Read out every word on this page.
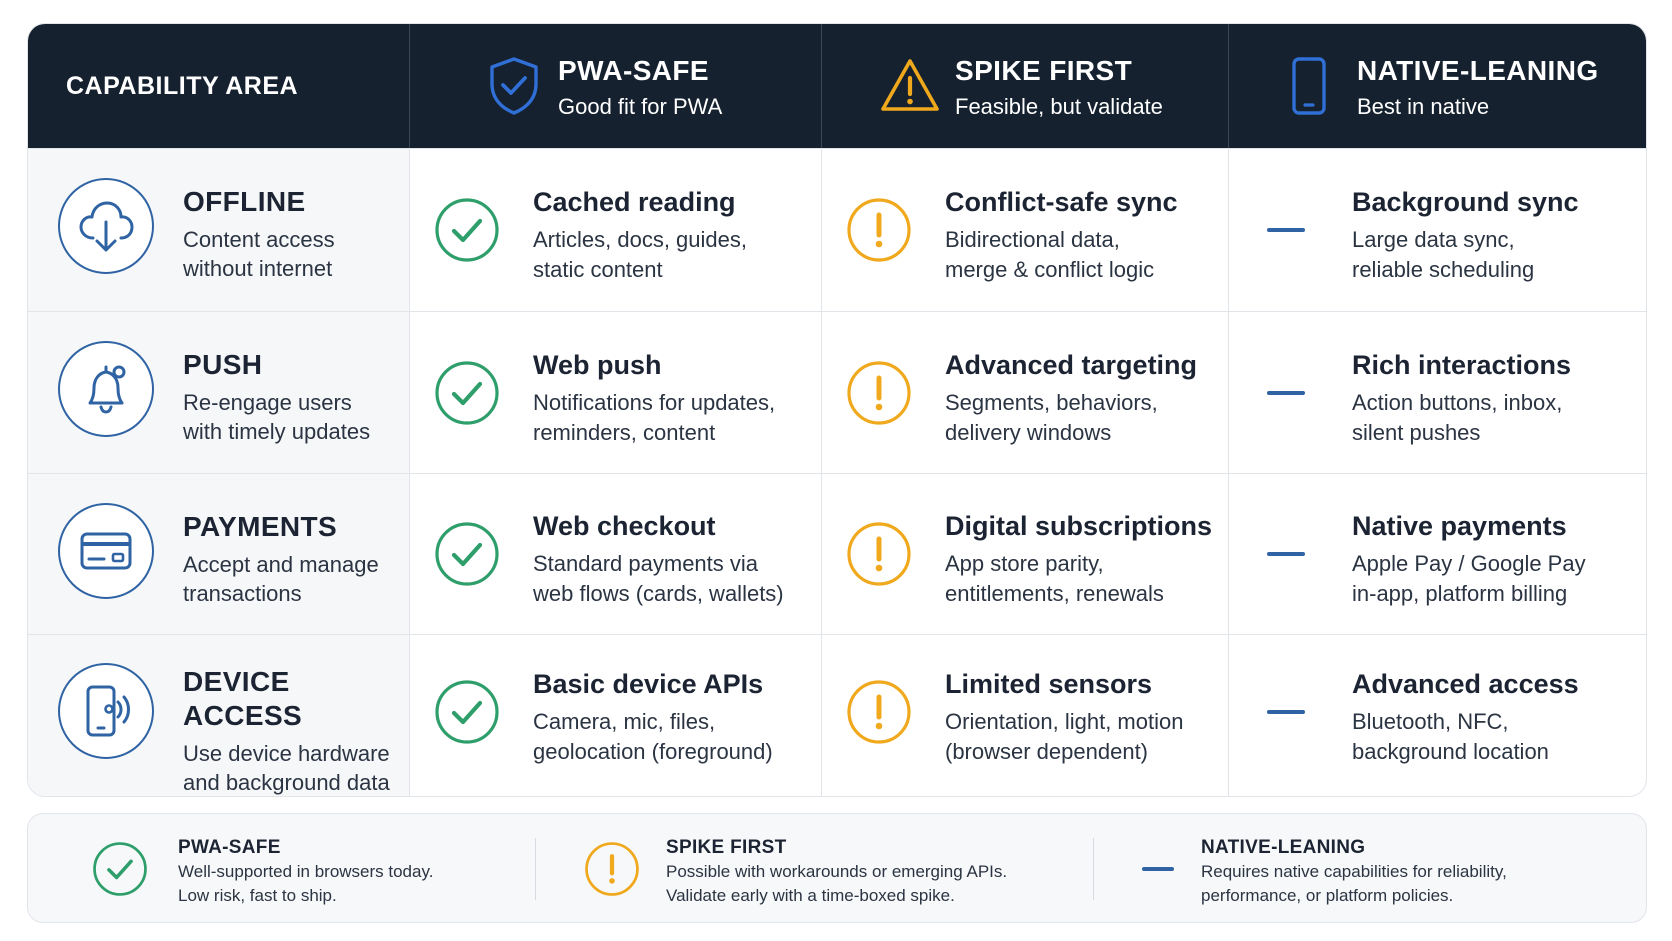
CAPABILITY AREA	PWA-SAFE
Good fit for PWA
SPIKE FIRST
Feasible, but validate
NATIVE-LEANING
Best in native
OFFLINE
Content access
without internet
Cached reading
Articles, docs, guides,
static content
Conflict-safe sync
Bidirectional data,
merge & conflict logic
Background sync
Large data sync,
reliable scheduling
PUSH
Re-engage users
with timely updates
Web push
Notifications for updates,
reminders, content
Advanced targeting
Segments, behaviors,
delivery windows
Rich interactions
Action buttons, inbox,
silent pushes
PAYMENTS
Accept and manage
transactions
Web checkout
Standard payments via
web flows (cards, wallets)
Digital subscriptions
App store parity,
entitlements, renewals
Native payments
Apple Pay / Google Pay
in-app, platform billing
DEVICE ACCESS
Use device hardware
and background data
Basic device APIs
Camera, mic, files,
geolocation (foreground)
Limited sensors
Orientation, light, motion
(browser dependent)
Advanced access
Bluetooth, NFC,
background location
PWA-SAFE
Well-supported in browsers today.
Low risk, fast to ship.
SPIKE FIRST
Possible with workarounds or emerging APIs.
Validate early with a time-boxed spike.
NATIVE-LEANING
Requires native capabilities for reliability,
performance, or platform policies.
